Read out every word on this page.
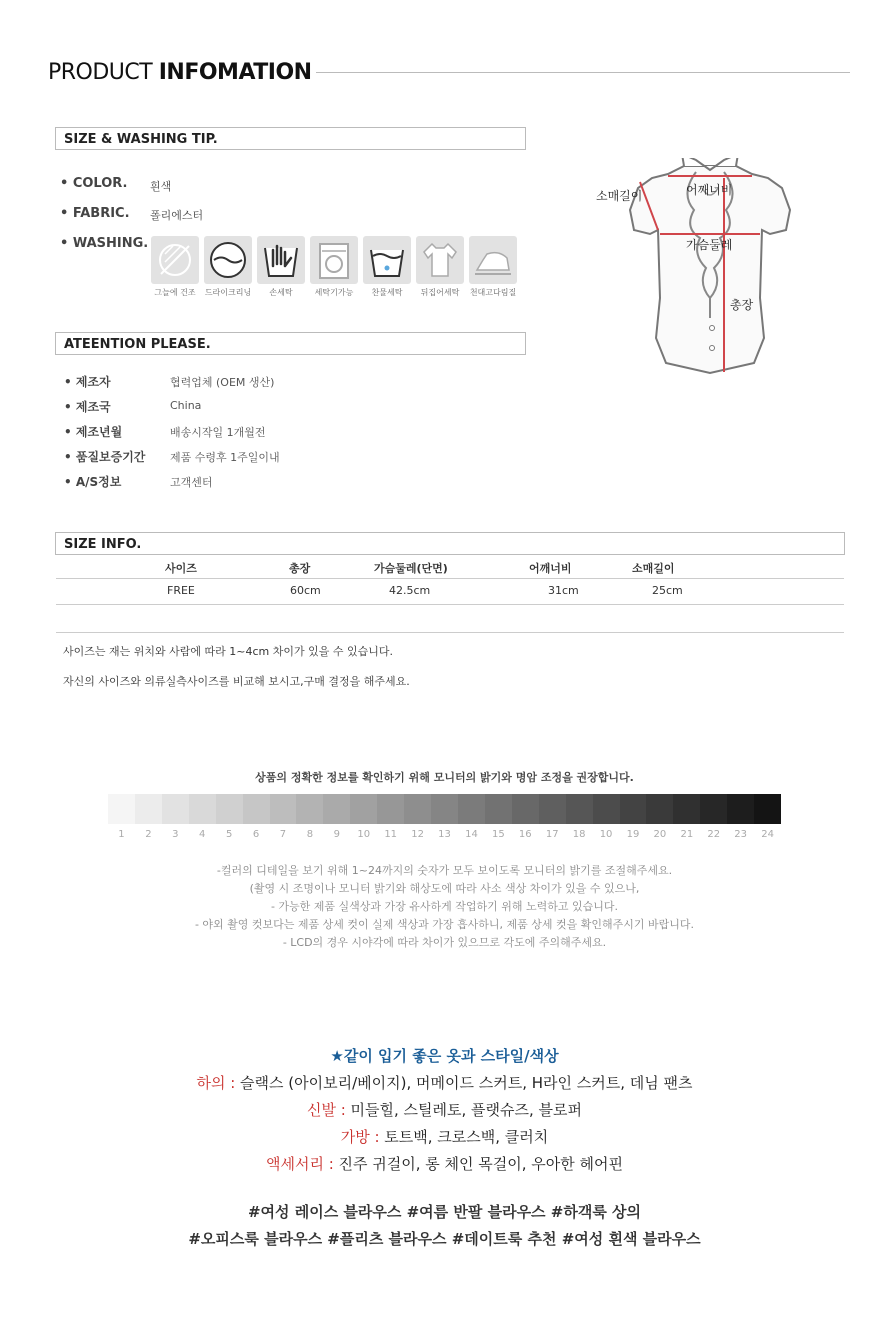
PRODUCT INFOMATION
SIZE & WASHING TIP.
• COLOR. 흰색
• FABRIC. 폴리에스터
• WASHING.
그늘에 건조	드라이크리닝	손세탁	세탁기가능	찬물세탁	뒤집어세탁	천대고다림질
소매길이	어깨너비
가슴둘레
총장
ATEENTION PLEASE.
• 제조자	협력업체 (OEM 생산)
• 제조국	China
• 제조년월	배송시작일 1개월전
• 품질보증기간 제품 수령후 1주일이내
• A/S정보	고객센터
SIZE INFO.
사이즈	총장	가슴둘레(단면)	어깨너비	소매길이
FREE	60cm	42.5cm	31cm	25cm
사이즈는 재는 위치와 사람에 따라 1~4cm 차이가 있을 수 있습니다.
자신의 사이즈와 의류실측사이즈를 비교해 보시고,구매 결정을 해주세요.
상품의 정확한 정보를 확인하기 위해 모니터의 밝기와 명암 조정을 권장합니다.
1	2	3	4	5	6	7	8	9	10	11	12	13	14	15	16	17	18	10	19	20	21	22	23	24
-컬러의 디테일을 보기 위해 1~24까지의 숫자가 모두 보이도록 모니터의 밝기를 조절해주세요.
(촬영 시 조명이나 모니터 밝기와 해상도에 따라 사소 색상 차이가 있을 수 있으나,
- 가능한 제품 실색상과 가장 유사하게 작업하기 위해 노력하고 있습니다.
- 야외 촬영 컷보다는 제품 상세 컷이 실제 색상과 가장 흡사하니, 제품 상세 컷을 확인해주시기 바랍니다.
- LCD의 경우 시야각에 따라 차이가 있으므로 각도에 주의해주세요.
★같이 입기 좋은 옷과 스타일/색상
하의 : 슬랙스 (아이보리/베이지), 머메이드 스커트, H라인 스커트, 데님 팬츠
신발 : 미들힐, 스틸레토, 플랫슈즈, 블로퍼
가방 : 토트백, 크로스백, 클러치
액세서리 : 진주 귀걸이, 롱 체인 목걸이, 우아한 헤어핀
#여성 레이스 블라우스 #여름 반팔 블라우스 #하객룩 상의
#오피스룩 블라우스 #플리츠 블라우스 #데이트룩 추천 #여성 흰색 블라우스
